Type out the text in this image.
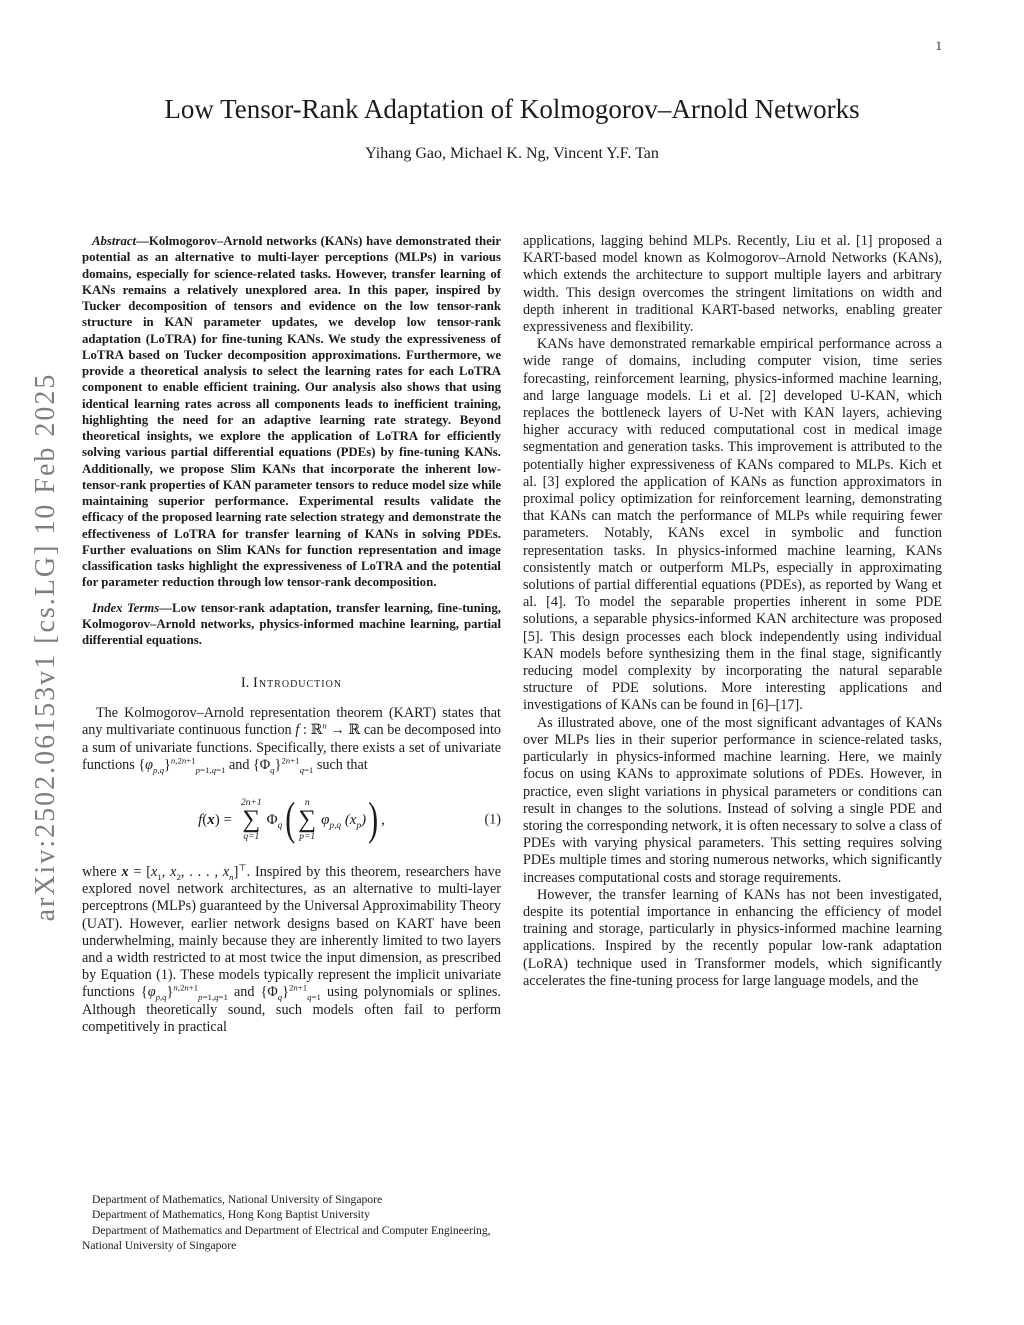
1
arXiv:2502.06153v1 [cs.LG] 10 Feb 2025
Low Tensor-Rank Adaptation of Kolmogorov–Arnold Networks
Yihang Gao, Michael K. Ng, Vincent Y.F. Tan

Abstract—Kolmogorov–Arnold networks (KANs) have demonstrated their potential as an alternative to multi-layer perceptions (MLPs) in various domains, especially for science-related tasks. However, transfer learning of KANs remains a relatively unexplored area. In this paper, inspired by Tucker decomposition of tensors and evidence on the low tensor-rank structure in KAN parameter updates, we develop low tensor-rank adaptation (LoTRA) for fine-tuning KANs. We study the expressiveness of LoTRA based on Tucker decomposition approximations. Furthermore, we provide a theoretical analysis to select the learning rates for each LoTRA component to enable efficient training. Our analysis also shows that using identical learning rates across all components leads to inefficient training, highlighting the need for an adaptive learning rate strategy. Beyond theoretical insights, we explore the application of LoTRA for efficiently solving various partial differential equations (PDEs) by fine-tuning KANs. Additionally, we propose Slim KANs that incorporate the inherent low-tensor-rank properties of KAN parameter tensors to reduce model size while maintaining superior performance. Experimental results validate the efficacy of the proposed learning rate selection strategy and demonstrate the effectiveness of LoTRA for transfer learning of KANs in solving PDEs. Further evaluations on Slim KANs for function representation and image classification tasks highlight the expressiveness of LoTRA and the potential for parameter reduction through low tensor-rank decomposition.

Index Terms—Low tensor-rank adaptation, transfer learning, fine-tuning, Kolmogorov–Arnold networks, physics-informed machine learning, partial differential equations.

I. Introduction

The Kolmogorov–Arnold representation theorem (KART) states that any multivariate continuous function f : ℝ$^n$ → ℝ can be decomposed into a sum of univariate functions. Specifically, there exists a set of univariate functions $\{\varphi_{p,q}\}^{n,2n+1}_{p=1,q=1}$ and $\{\Phi_q\}^{2n+1}_{q=1}$ such that

f(x) =
2n+1
∑
q=1
$\Phi_q$ ( n
∑
p=1
$\varphi_{p,q}$ $(x_p)$ ) ,	(1)

where $x = [x_1$, $x_2$, . . . , $x_n]^⊤$. Inspired by this theorem, researchers have explored novel network architectures, as an alternative to multi-layer perceptrons (MLPs) guaranteed by the Universal Approximability Theory (UAT). However, earlier network designs based on KART have been underwhelming, mainly because they are inherently limited to two layers and a width restricted to at most twice the input dimension, as prescribed by Equation (1). These models typically represent the implicit univariate functions $\{\varphi_{p,q}\}^{n,2n+1}_{p=1,q=1}$ and $\{\Phi_q\}^{2n+1}_{q=1}$ using polynomials or splines. Although theoretically sound, such models often fail to perform competitively in practical

Department of Mathematics, National University of Singapore

Department of Mathematics, Hong Kong Baptist University

Department of Mathematics and Department of Electrical and Computer Engineering, National University of Singapore

applications, lagging behind MLPs. Recently, Liu et al. [1] proposed a KART-based model known as Kolmogorov–Arnold Networks (KANs), which extends the architecture to support multiple layers and arbitrary width. This design overcomes the stringent limitations on width and depth inherent in traditional KART-based networks, enabling greater expressiveness and flexibility.

KANs have demonstrated remarkable empirical performance across a wide range of domains, including computer vision, time series forecasting, reinforcement learning, physics-informed machine learning, and large language models. Li et al. [2] developed U-KAN, which replaces the bottleneck layers of U-Net with KAN layers, achieving higher accuracy with reduced computational cost in medical image segmentation and generation tasks. This improvement is attributed to the potentially higher expressiveness of KANs compared to MLPs. Kich et al. [3] explored the application of KANs as function approximators in proximal policy optimization for reinforcement learning, demonstrating that KANs can match the performance of MLPs while requiring fewer parameters. Notably, KANs excel in symbolic and function representation tasks. In physics-informed machine learning, KANs consistently match or outperform MLPs, especially in approximating solutions of partial differential equations (PDEs), as reported by Wang et al. [4]. To model the separable properties inherent in some PDE solutions, a separable physics-informed KAN architecture was proposed [5]. This design processes each block independently using individual KAN models before synthesizing them in the final stage, significantly reducing model complexity by incorporating the natural separable structure of PDE solutions. More interesting applications and investigations of KANs can be found in [6]–[17].

As illustrated above, one of the most significant advantages of KANs over MLPs lies in their superior performance in science-related tasks, particularly in physics-informed machine learning. Here, we mainly focus on using KANs to approximate solutions of PDEs. However, in practice, even slight variations in physical parameters or conditions can result in changes to the solutions. Instead of solving a single PDE and storing the corresponding network, it is often necessary to solve a class of PDEs with varying physical parameters. This setting requires solving PDEs multiple times and storing numerous networks, which significantly increases computational costs and storage requirements.

However, the transfer learning of KANs has not been investigated, despite its potential importance in enhancing the efficiency of model training and storage, particularly in physics-informed machine learning applications. Inspired by the recently popular low-rank adaptation (LoRA) technique used in Transformer models, which significantly accelerates the fine-tuning process for large language models, and the
